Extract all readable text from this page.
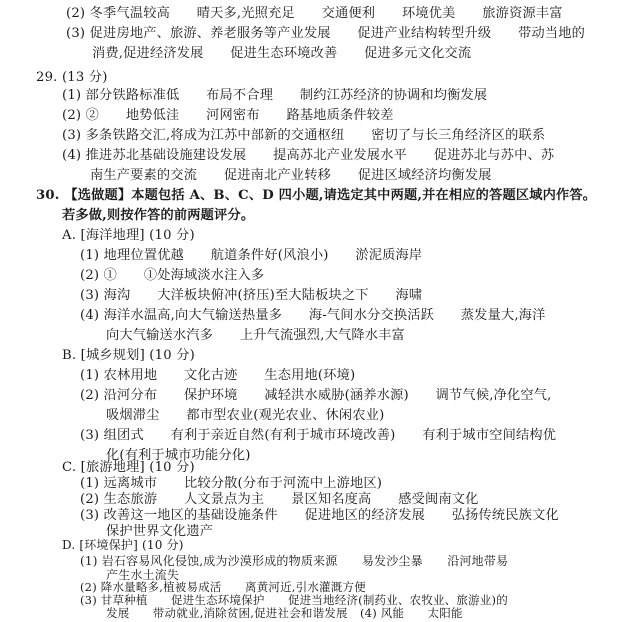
(2) 冬季气温较高　　晴天多,光照充足　　交通便利　　环境优美　　旅游资源丰富
(3) 促进房地产、旅游、养老服务等产业发展　　促进产业结构转型升级　　带动当地的
消费,促进经济发展　　促进生态环境改善　　促进多元文化交流
29. (13 分)
(1) 部分铁路标准低　　布局不合理　　制约江苏经济的协调和均衡发展
(2) ②　　地势低洼　　河网密布　　路基地质条件较差
(3) 多条铁路交汇,将成为江苏中部新的交通枢纽　　密切了与长三角经济区的联系
(4) 推进苏北基础设施建设发展　　提高苏北产业发展水平　　促进苏北与苏中、苏
南生产要素的交流　　促进南北产业转移　　促进区域经济均衡发展
30. 【选做题】本题包括 A、B、C、D 四小题,请选定其中两题,并在相应的答题区域内作答。
若多做,则按作答的前两题评分。
A. [海洋地理] (10 分)
(1) 地理位置优越　　航道条件好(风浪小)　　淤泥质海岸
(2) ①　　①处海域淡水注入多
(3) 海沟　　大洋板块俯冲(挤压)至大陆板块之下　　海啸
(4) 海洋水温高,向大气输送热量多　　海-气间水分交换活跃　　蒸发量大,海洋
向大气输送水汽多　　上升气流强烈,大气降水丰富
B. [城乡规划] (10 分)
(1) 农林用地　　文化古迹　　生态用地(环境)
(2) 沿河分布　　保护环境　　减轻洪水威胁(涵养水源)　　调节气候,净化空气,
吸烟滞尘　　都市型农业(观光农业、休闲农业)
(3) 组团式　　有利于亲近自然(有利于城市环境改善)　　有利于城市空间结构优
化(有利于城市功能分化)
C. [旅游地理] (10 分)
(1) 远离城市　　比较分散(分布于河流中上游地区)
(2) 生态旅游　　人文景点为主　　景区知名度高　　感受闽南文化
(3) 改善这一地区的基础设施条件　　促进地区的经济发展　　弘扬传统民族文化
保护世界文化遗产
D. [环境保护] (10 分)
(1) 岩石容易风化侵蚀,成为沙漠形成的物质来源　　易发沙尘暴　　沿河地带易
产生水土流失
(2) 降水量略多,植被易成活　　离黄河近,引水灌溉方便
(3) 甘草种植　　促进生态环境保护　　促进当地经济(制药业、农牧业、旅游业)的
发展　　带动就业,消除贫困,促进社会和谐发展 (4) 风能　　太阳能
